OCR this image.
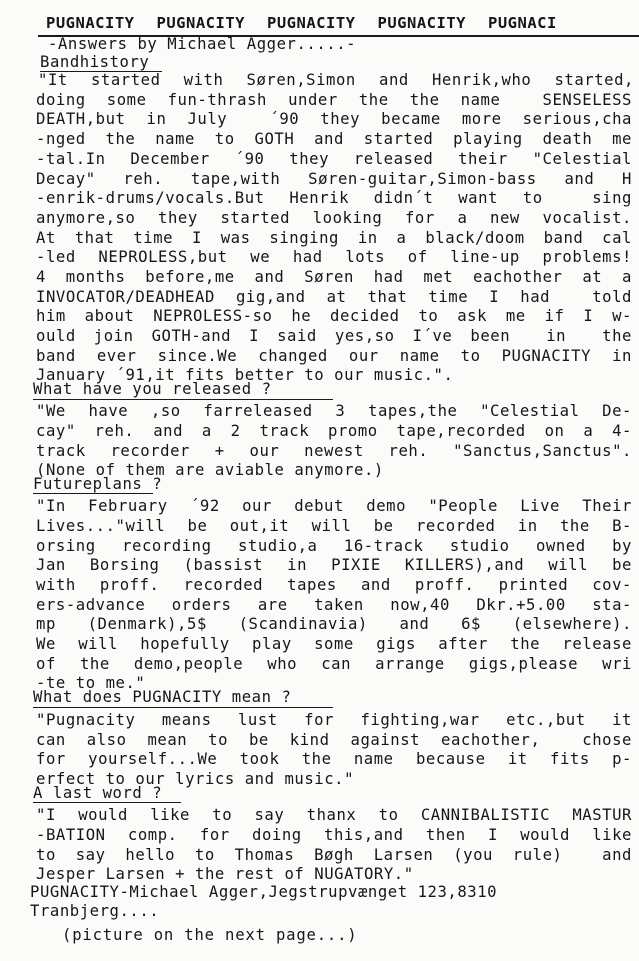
PUGNACITY PUGNACITY PUGNACITY PUGNACITY PUGNACI
-Answers by Michael Agger.....-
Bandhistory
"It started with Søren,Simon and Henrik,who started,
doing some fun-thrash under the the name  SENSELESS
DEATH,but in July  ´90 they became more serious,cha
-nged the name to GOTH and started playing death me
-tal.In December ´90 they released their "Celestial
Decay" reh. tape,with Søren-guitar,Simon-bass and H
-enrik-drums/vocals.But Henrik didn´t want to  sing
anymore,so they started looking for a new vocalist.
At that time I was singing in a black/doom band cal
-led NEPROLESS,but we had lots of line-up problems!
4 months before,me and Søren had met eachother at a
INVOCATOR/DEADHEAD gig,and at that time I had  told
him about NEPROLESS-so he decided to ask me if I w-
ould join GOTH-and I said yes,so I´ve been  in  the
band ever since.We changed our name to PUGNACITY in
January ´91,it fits better to our music.".
What have you released ?
"We have ,so farreleased 3 tapes,the "Celestial De-
cay" reh. and a 2 track promo tape,recorded on a 4-
track recorder + our newest reh. "Sanctus,Sanctus".
(None of them are aviable anymore.)
Futureplans ?
"In February ´92 our debut demo "People Live Their
Lives..."will be out,it will be recorded in the B-
orsing recording studio,a 16-track studio owned by
Jan Borsing (bassist in PIXIE KILLERS),and will be
with proff. recorded tapes and proff. printed cov-
ers-advance orders are taken now,40 Dkr.+5.00 sta-
mp (Denmark),5$ (Scandinavia) and 6$ (elsewhere).
We will hopefully play some gigs after the release
of the demo,people who can arrange gigs,please wri
-te to me."
What does PUGNACITY mean ?
"Pugnacity means lust for fighting,war etc.,but it
can also mean to be kind against eachother,  chose
for yourself...We took the name because it fits p-
erfect to our lyrics and music."
A last word ?
"I would like to say thanx to CANNIBALISTIC MASTUR
-BATION comp. for doing this,and then I would like
to say hello to Thomas Bøgh Larsen (you rule)  and
Jesper Larsen + the rest of NUGATORY."
PUGNACITY-Michael Agger,Jegstrupvænget 123,8310
Tranbjerg....
(picture on the next page...)
